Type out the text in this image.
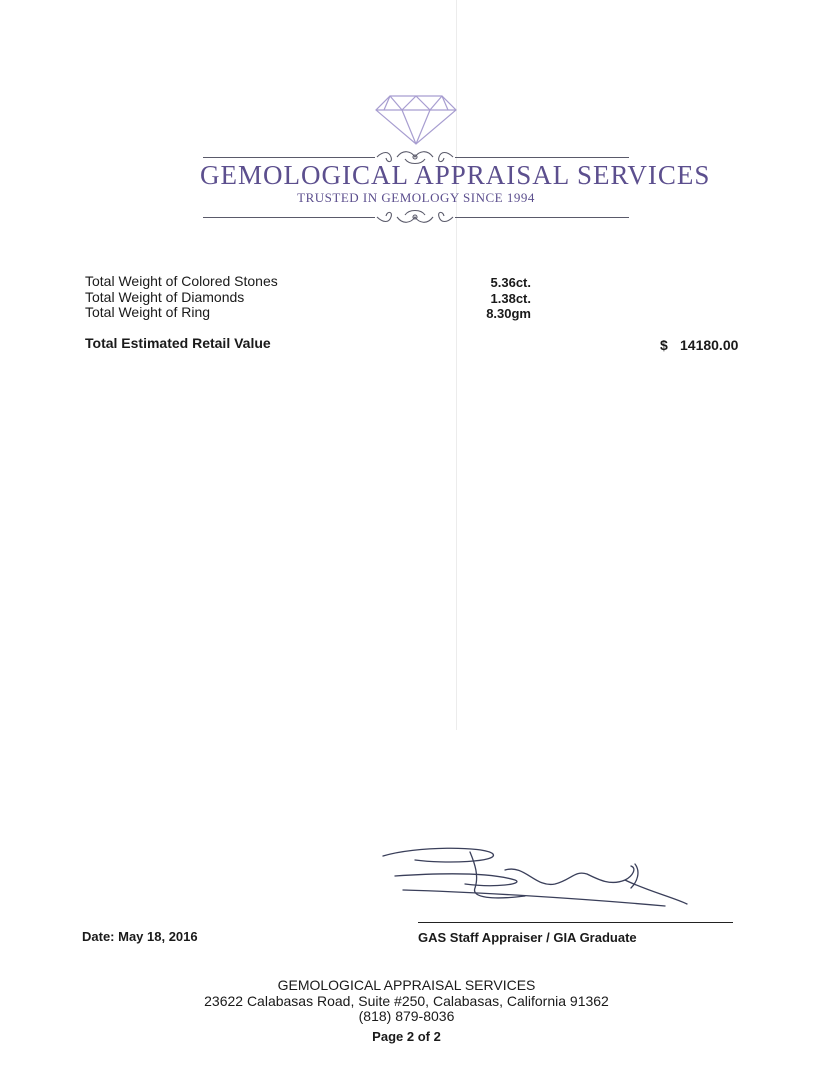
GEMOLOGICAL APPRAISAL SERVICES
TRUSTED IN GEMOLOGY SINCE 1994
Total Weight of Colored Stones	5.36ct.
Total Weight of Diamonds	1.38ct.
Total Weight of Ring	8.30gm
Total Estimated Retail Value	$ 14180.00
GAS Staff Appraiser / GIA Graduate
Date: May 18, 2016
GEMOLOGICAL APPRAISAL SERVICES
23622 Calabasas Road, Suite #250, Calabasas, California 91362
(818) 879-8036
Page 2 of 2
